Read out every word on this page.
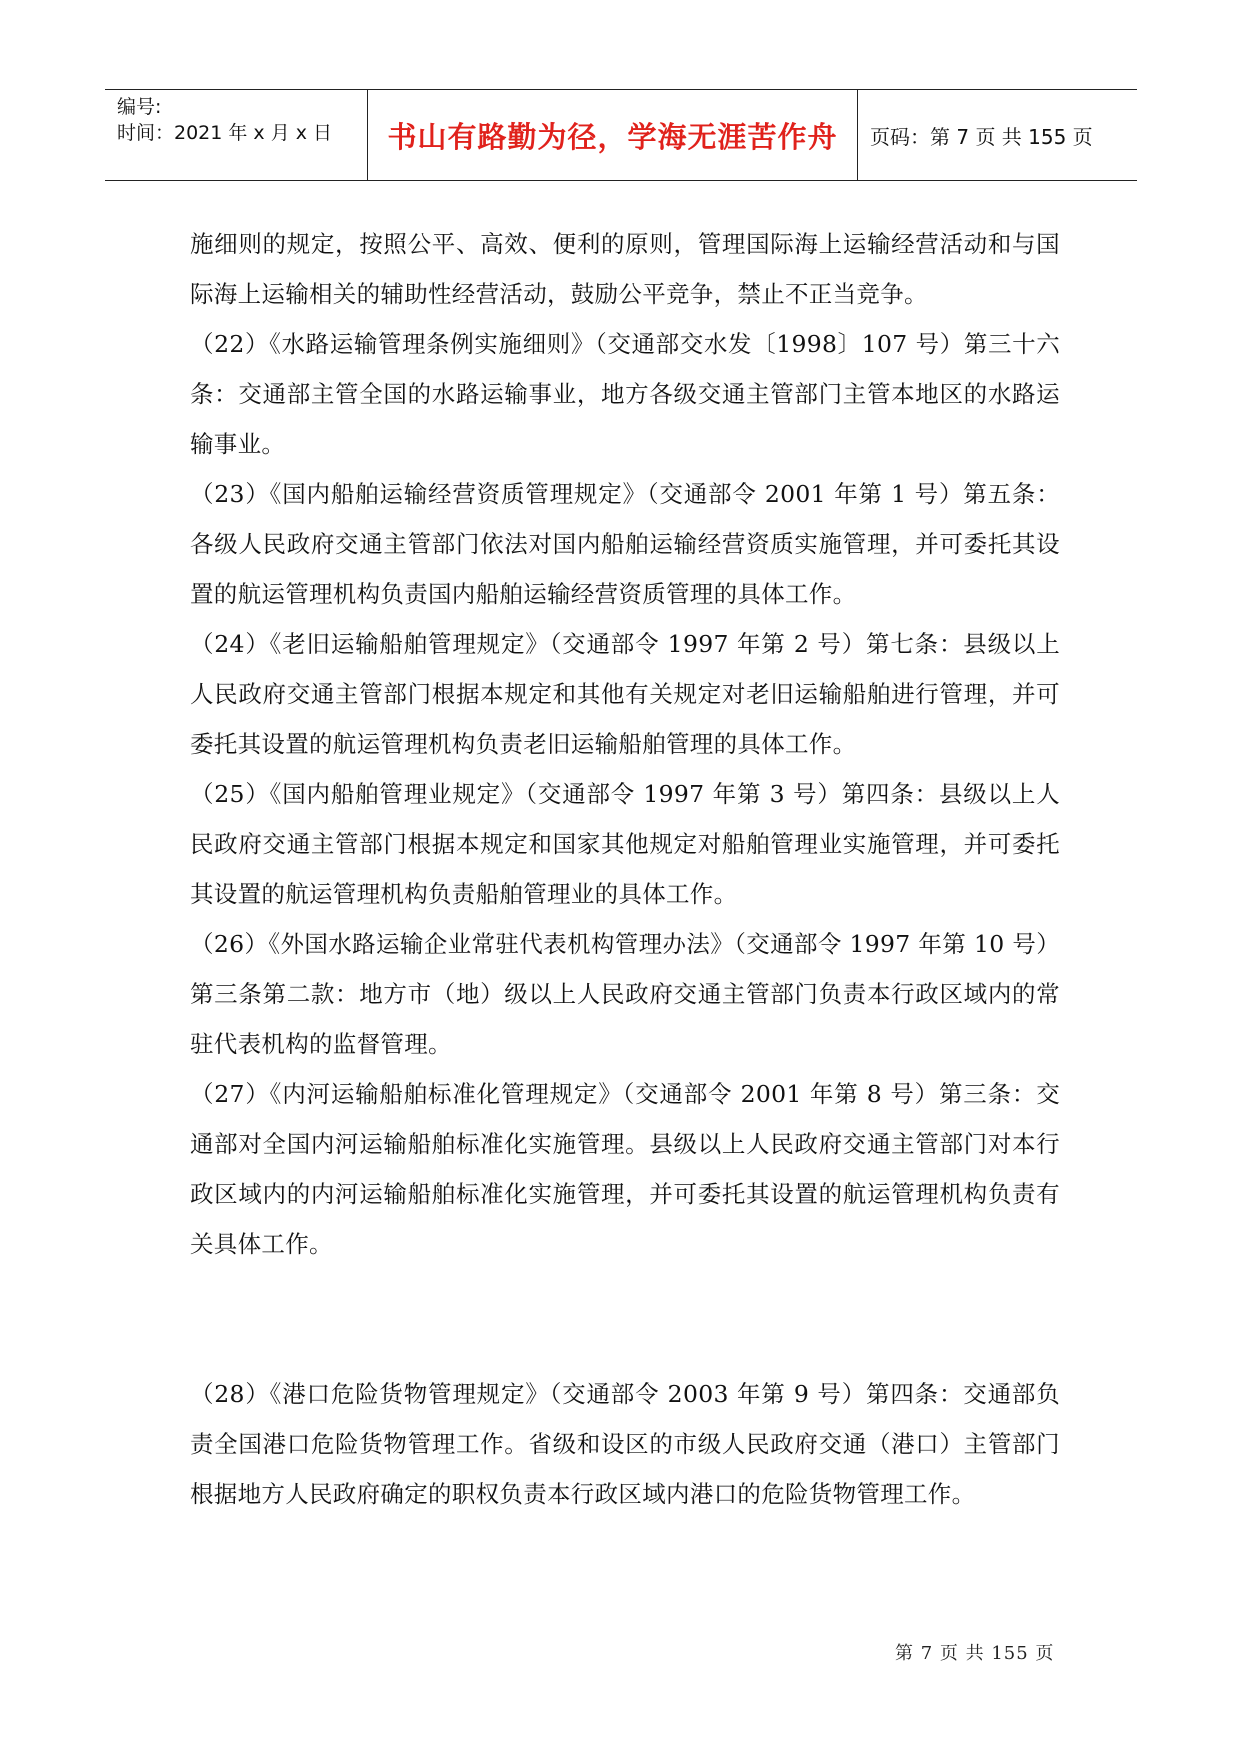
编号:
时间：2021 年 x 月 x 日	书山有路勤为径，学海无涯苦作舟	页码：第 7 页 共 155 页

施细则的规定，按照公平、高效、便利的原则，管理国际海上运输经营活动和与国际海上运输相关的辅助性经营活动，鼓励公平竞争，禁止不正当竞争。

（22）《水路运输管理条例实施细则》（交通部交水发〔1998〕107 号）第三十六条：交通部主管全国的水路运输事业，地方各级交通主管部门主管本地区的水路运输事业。

（23）《国内船舶运输经营资质管理规定》（交通部令 2001 年第 1 号）第五条：各级人民政府交通主管部门依法对国内船舶运输经营资质实施管理，并可委托其设置的航运管理机构负责国内船舶运输经营资质管理的具体工作。

（24）《老旧运输船舶管理规定》（交通部令 1997 年第 2 号）第七条：县级以上人民政府交通主管部门根据本规定和其他有关规定对老旧运输船舶进行管理，并可委托其设置的航运管理机构负责老旧运输船舶管理的具体工作。

（25）《国内船舶管理业规定》（交通部令 1997 年第 3 号）第四条：县级以上人民政府交通主管部门根据本规定和国家其他规定对船舶管理业实施管理，并可委托其设置的航运管理机构负责船舶管理业的具体工作。

（26）《外国水路运输企业常驻代表机构管理办法》（交通部令 1997 年第 10 号）第三条第二款：地方市（地）级以上人民政府交通主管部门负责本行政区域内的常驻代表机构的监督管理。

（27）《内河运输船舶标准化管理规定》（交通部令 2001 年第 8 号）第三条：交通部对全国内河运输船舶标准化实施管理。县级以上人民政府交通主管部门对本行政区域内的内河运输船舶标准化实施管理，并可委托其设置的航运管理机构负责有关具体工作。

（28）《港口危险货物管理规定》（交通部令 2003 年第 9 号）第四条：交通部负责全国港口危险货物管理工作。省级和设区的市级人民政府交通（港口）主管部门根据地方人民政府确定的职权负责本行政区域内港口的危险货物管理工作。

第 7 页 共 155 页
